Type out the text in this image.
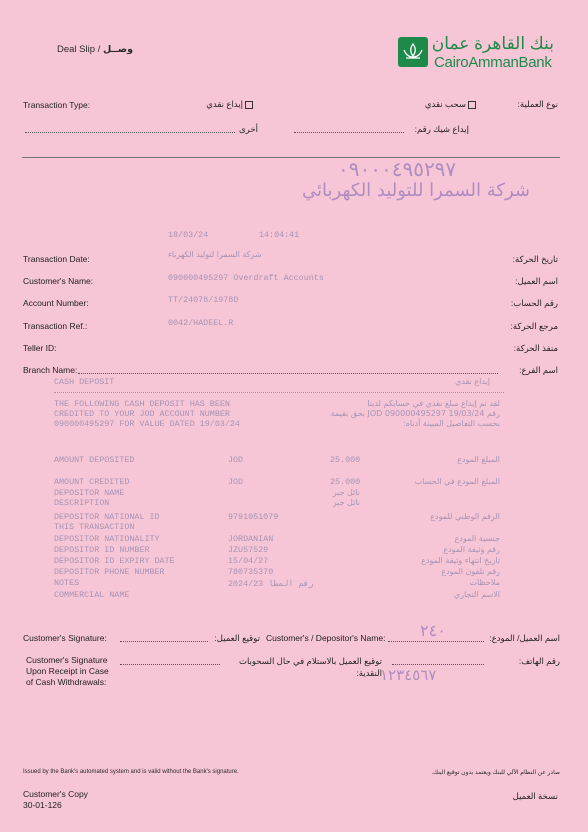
Deal Slip / وصــل	بنك القاهرة عمان
CairoAmmanBank
Transaction Type:	إيداع نقدي	سحب نقدي	نوع العملية:
أخرى	إيداع شيك رقم:
٠٩٠٠٠٤٩٥٢٩٧
شركة السمرا للتوليد الكهربائي
18/03/24	14:04:41
Transaction Date:	شركة السمرا لتوليد الكهرباء	تاريخ الحركة:
Customer's Name:	090000495297 Overdraft Accounts	اسم العميل:
Account Number:	TT/24078/1978D	رقم الحساب:
Transaction Ref.:	0042/HADEEL.R	مرجع الحركة:
Teller ID:	منفذ الحركة:
Branch Name:	اسم الفرع:
CASH DEPOSIT	إيداع نقدي
THE FOLLOWING CASH DEPOSIT HAS BEEN
CREDITED TO YOUR JOD ACCOUNT NUMBER
090000495297 FOR VALUE DATED 19/03/24
لقد تم إيداع مبلغ نقدي في حسابكم لدينا
رقم JOD 090000495297 19/03/24 بحق بقيمة
بحسب التفاصيل المبينة أدناه:
AMOUNT DEPOSITED	JOD	25.000	المبلغ المودع
AMOUNT CREDITED	JOD	25.000	المبلغ المودع في الحساب
DEPOSITOR NAME	نائل جبر
DESCRIPTION	نائل جبر
DEPOSITOR NATIONAL ID	9791051079	الرقم الوطني للمودع
THIS TRANSACTION
DEPOSITOR NATIONALITY	JORDANIAN	جنسية المودع
DEPOSITOR ID NUMBER	JZU57529	رقم وثيقة المودع
DEPOSITOR ID EXPIRY DATE	15/04/27	تاريخ انتهاء وثيقة المودع
DEPOSITOR PHONE NUMBER	780735370	رقم تلفون المودع
NOTES	2024/23 رقم المطا	ملاحظات
COMMERCIAL NAME	الاسم التجاري
Customer's Signature:	توقيع العميل: Customer's / Depositor's Name: ٢٤٠	اسم العميل/ المودع:
Customer's Signature
Upon Receipt in Case
of Cash Withdrawals:
توقيع العميل بالاستلام في حال السحوبات
النقدية:
١٢٣٤٥٦٧
رقم الهاتف:
Issued by the Bank's automated system and is valid without the Bank's signature.	صادر عن النظام الآلي للبنك ويعتمد بدون توقيع البنك.
Customer's Copy
30-01-126
نسخة العميل
